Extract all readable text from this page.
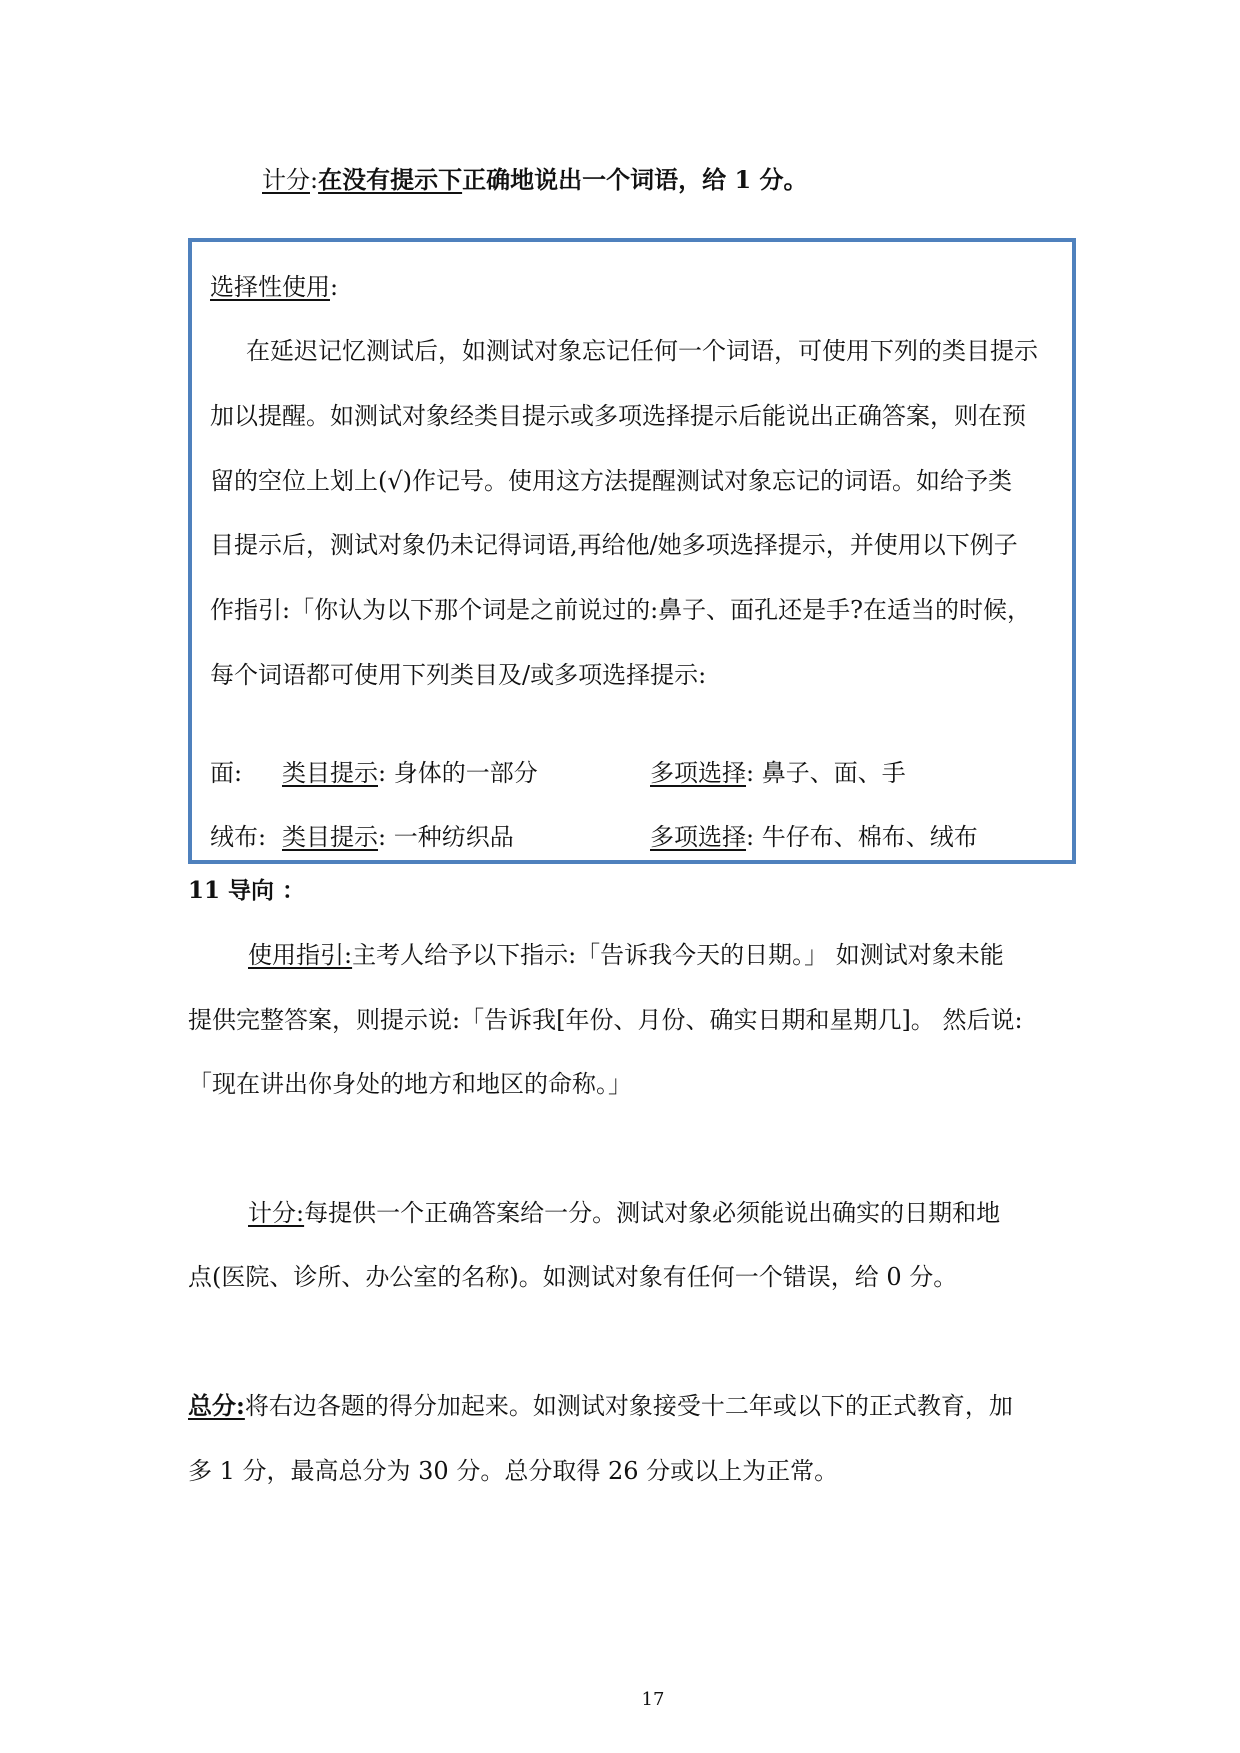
计分:在没有提示下正确地说出一个词语，给 1 分。
选择性使用:
在延迟记忆测试后，如测试对象忘记任何一个词语，可使用下列的类目提示
加以提醒。如测试对象经类目提示或多项选择提示后能说出正确答案，则在预
留的空位上划上(√)作记号。使用这方法提醒测试对象忘记的词语。如给予类
目提示后，测试对象仍未记得词语,再给他/她多项选择提示，并使用以下例子
作指引:「你认为以下那个词是之前说过的:鼻子、面孔还是手?在适当的时候，
每个词语都可使用下列类目及/或多项选择提示:
面: 类目提示: 身体的一部分	多项选择: 鼻子、面、手
绒布: 类目提示: 一种纺织品	多项选择: 牛仔布、棉布、绒布
11 导向 ：
使用指引:主考人给予以下指示:「告诉我今天的日期。」 如测试对象未能
提供完整答案，则提示说:「告诉我[年份、月份、确实日期和星期几]。 然后说:
「现在讲出你身处的地方和地区的命称。」
计分:每提供一个正确答案给一分。测试对象必须能说出确实的日期和地
点(医院、诊所、办公室的名称)。如测试对象有任何一个错误，给 0 分。
总分:将右边各题的得分加起来。如测试对象接受十二年或以下的正式教育，加
多 1 分，最高总分为 30 分。总分取得 26 分或以上为正常。
17
